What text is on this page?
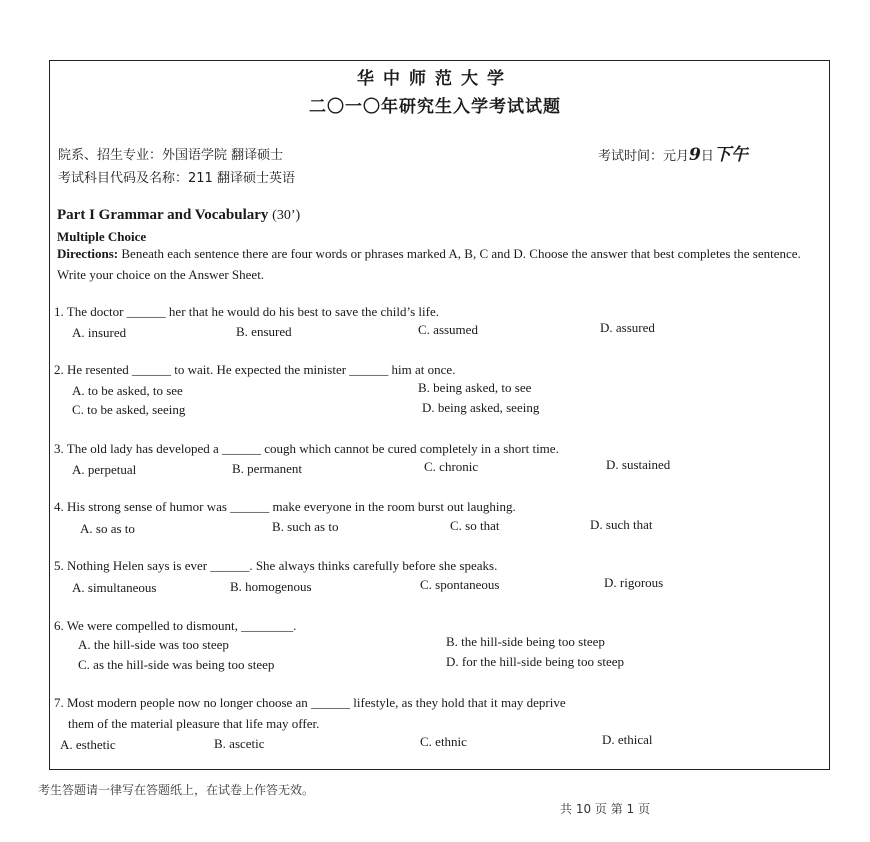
华中师范大学
二〇一〇年研究生入学考试试题
院系、招生专业：外国语学院 翻译硕士
考试科目代码及名称：211 翻译硕士英语
考试时间：元月9日下午
Part I Grammar and Vocabulary (30’)
Multiple Choice
Directions: Beneath each sentence there are four words or phrases marked A, B, C and D. Choose the answer that best completes the sentence. Write your choice on the Answer Sheet.
1. The doctor ______ her that he would do his best to save the child’s life.
A. insured	B. ensured	C. assumed	D. assured
2. He resented ______ to wait. He expected the minister ______ him at once.
A. to be asked, to see	B. being asked, to see
C. to be asked, seeing	D. being asked, seeing
3. The old lady has developed a ______ cough which cannot be cured completely in a short time.
A. perpetual	B. permanent	C. chronic	D. sustained
4. His strong sense of humor was ______ make everyone in the room burst out laughing.
A. so as to	B. such as to	C. so that	D. such that
5. Nothing Helen says is ever ______. She always thinks carefully before she speaks.
A. simultaneous	B. homogenous	C. spontaneous	D. rigorous
6. We were compelled to dismount, ________.
A. the hill-side was too steep	B. the hill-side being too steep
C. as the hill-side was being too steep	D. for the hill-side being too steep
7. Most modern people now no longer choose an ______ lifestyle, as they hold that it may deprive
them of the material pleasure that life may offer.
A. esthetic	B. ascetic	C. ethnic	D. ethical
考生答题请一律写在答题纸上，在试卷上作答无效。
共 10 页 第 1 页
